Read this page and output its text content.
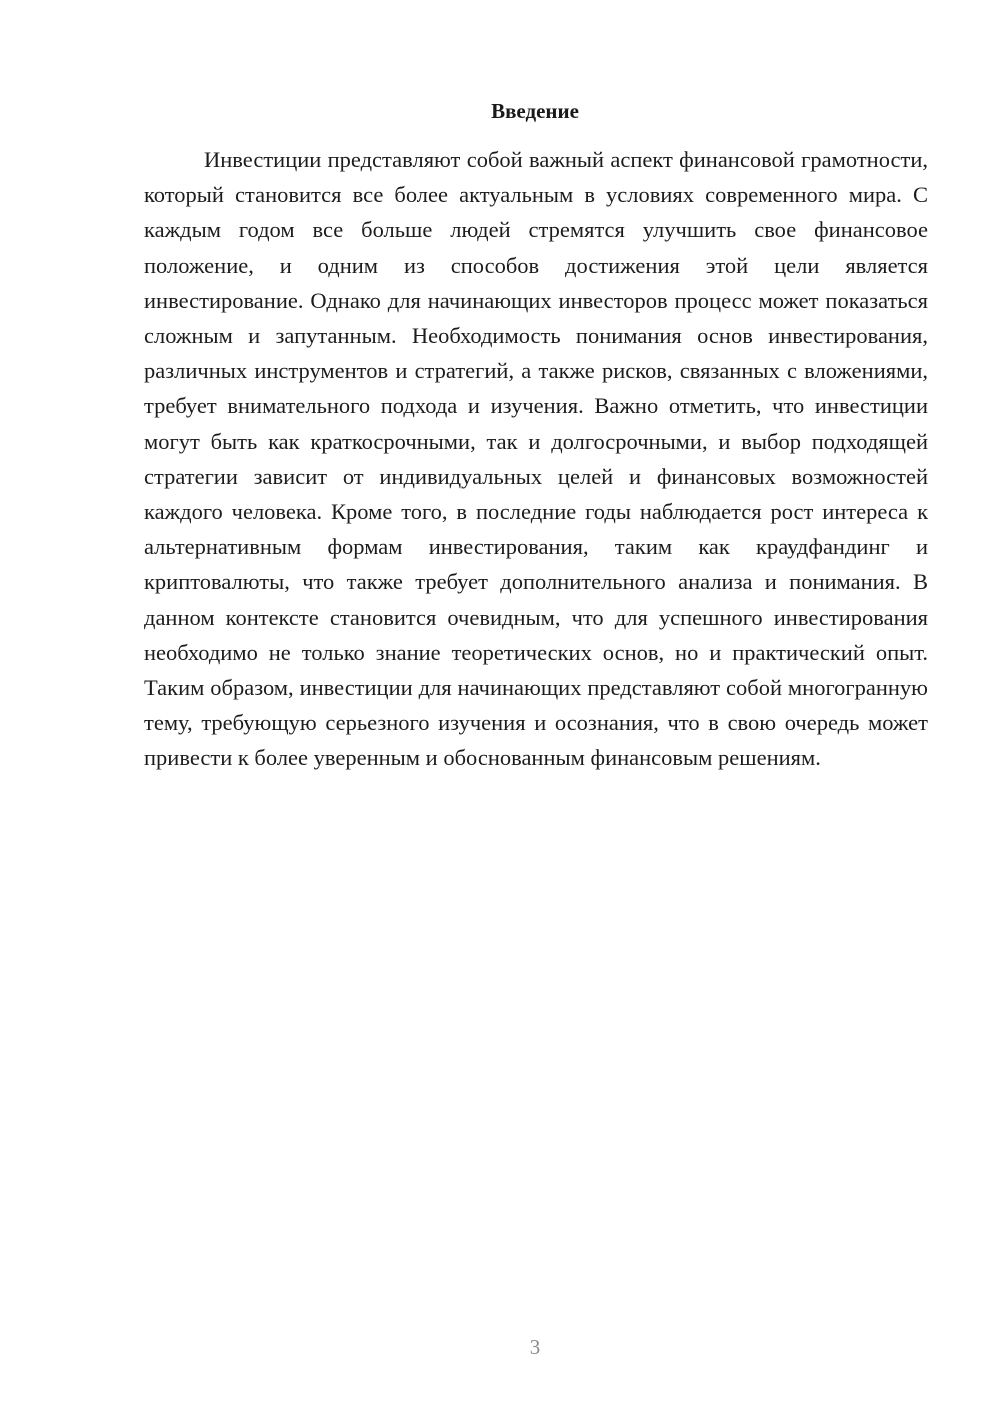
Введение

Инвестиции представляют собой важный аспект финансовой грамотности, который становится все более актуальным в условиях современного мира. С каждым годом все больше людей стремятся улучшить свое финансовое положение, и одним из способов достижения этой цели является инвестирование. Однако для начинающих инвесторов процесс может показаться сложным и запутанным. Необходимость понимания основ инвестирования, различных инструментов и стратегий, а также рисков, связанных с вложениями, требует внимательного подхода и изучения. Важно отметить, что инвестиции могут быть как краткосрочными, так и долгосрочными, и выбор подходящей стратегии зависит от индивидуальных целей и финансовых возможностей каждого человека. Кроме того, в последние годы наблюдается рост интереса к альтернативным формам инвестирования, таким как краудфандинг и криптовалюты, что также требует дополнительного анализа и понимания. В данном контексте становится очевидным, что для успешного инвестирования необходимо не только знание теоретических основ, но и практический опыт. Таким образом, инвестиции для начинающих представляют собой многогранную тему, требующую серьезного изучения и осознания, что в свою очередь может привести к более уверенным и обоснованным финансовым решениям.

3
